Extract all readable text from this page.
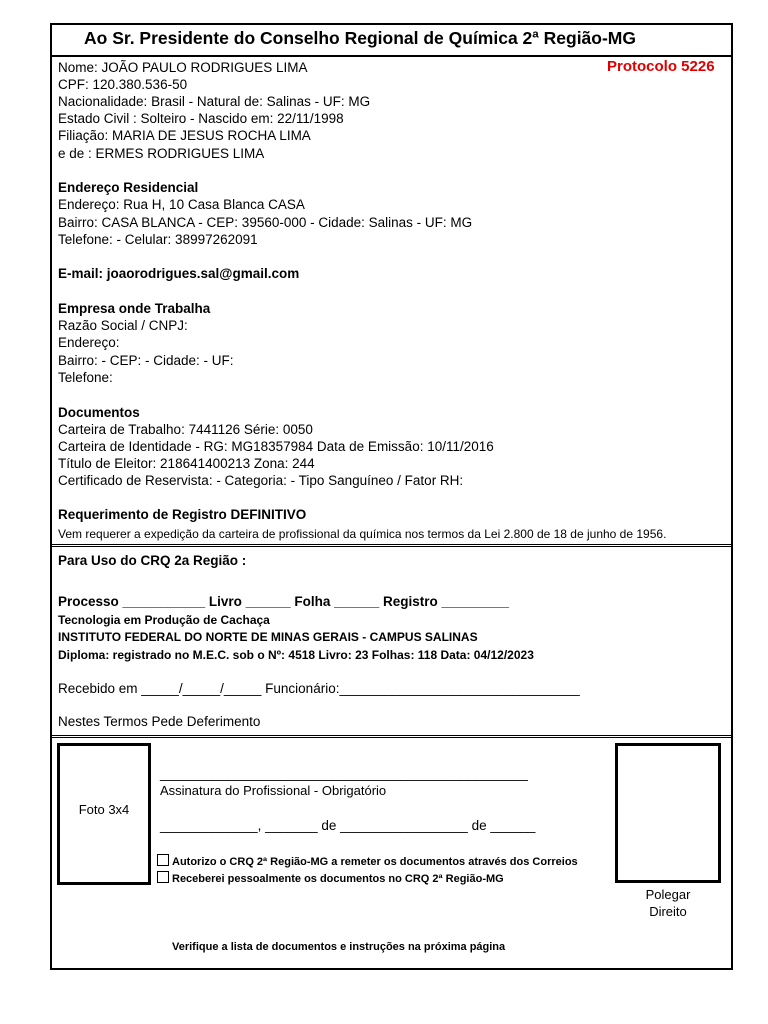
Ao Sr. Presidente do Conselho Regional de Química 2ª Região-MG
Protocolo 5226
Nome: JOÃO PAULO RODRIGUES LIMA
CPF: 120.380.536-50
Nacionalidade: Brasil - Natural de: Salinas - UF: MG
Estado Civil : Solteiro - Nascido em: 22/11/1998
Filiação: MARIA DE JESUS ROCHA LIMA
e de : ERMES RODRIGUES LIMA
Endereço Residencial
Endereço: Rua H, 10 Casa Blanca CASA
Bairro: CASA BLANCA - CEP: 39560-000 - Cidade: Salinas - UF: MG
Telefone: - Celular: 38997262091
E-mail: joaorodrigues.sal@gmail.com
Empresa onde Trabalha
Razão Social / CNPJ:
Endereço:
Bairro: - CEP: - Cidade: - UF:
Telefone:
Documentos
Carteira de Trabalho: 7441126 Série: 0050
Carteira de Identidade - RG: MG18357984 Data de Emissão: 10/11/2016
Título de Eleitor: 218641400213 Zona: 244
Certificado de Reservista: - Categoria: - Tipo Sanguíneo / Fator RH:
Requerimento de Registro DEFINITIVO
Vem requerer a expedição da carteira de profissional da química nos termos da Lei 2.800 de 18 de junho de 1956.
Para Uso do CRQ 2a Região :
Processo ___________ Livro ______ Folha ______ Registro _________
Tecnologia em Produção de Cachaça
INSTITUTO FEDERAL DO NORTE DE MINAS GERAIS - CAMPUS SALINAS
Diploma: registrado no M.E.C. sob o Nº: 4518 Livro: 23 Folhas: 118 Data: 04/12/2023
Recebido em _____/_____/_____ Funcionário:________________________________
Nestes Termos Pede Deferimento
Foto 3x4
_________________________________________________
Assinatura do Profissional - Obrigatório
_____________, _______ de _________________ de ______
Autorizo o CRQ 2ª Região-MG a remeter os documentos através dos Correios
Receberei pessoalmente os documentos no CRQ 2ª Região-MG
Polegar
Direito
Verifique a lista de documentos e instruções na próxima página
